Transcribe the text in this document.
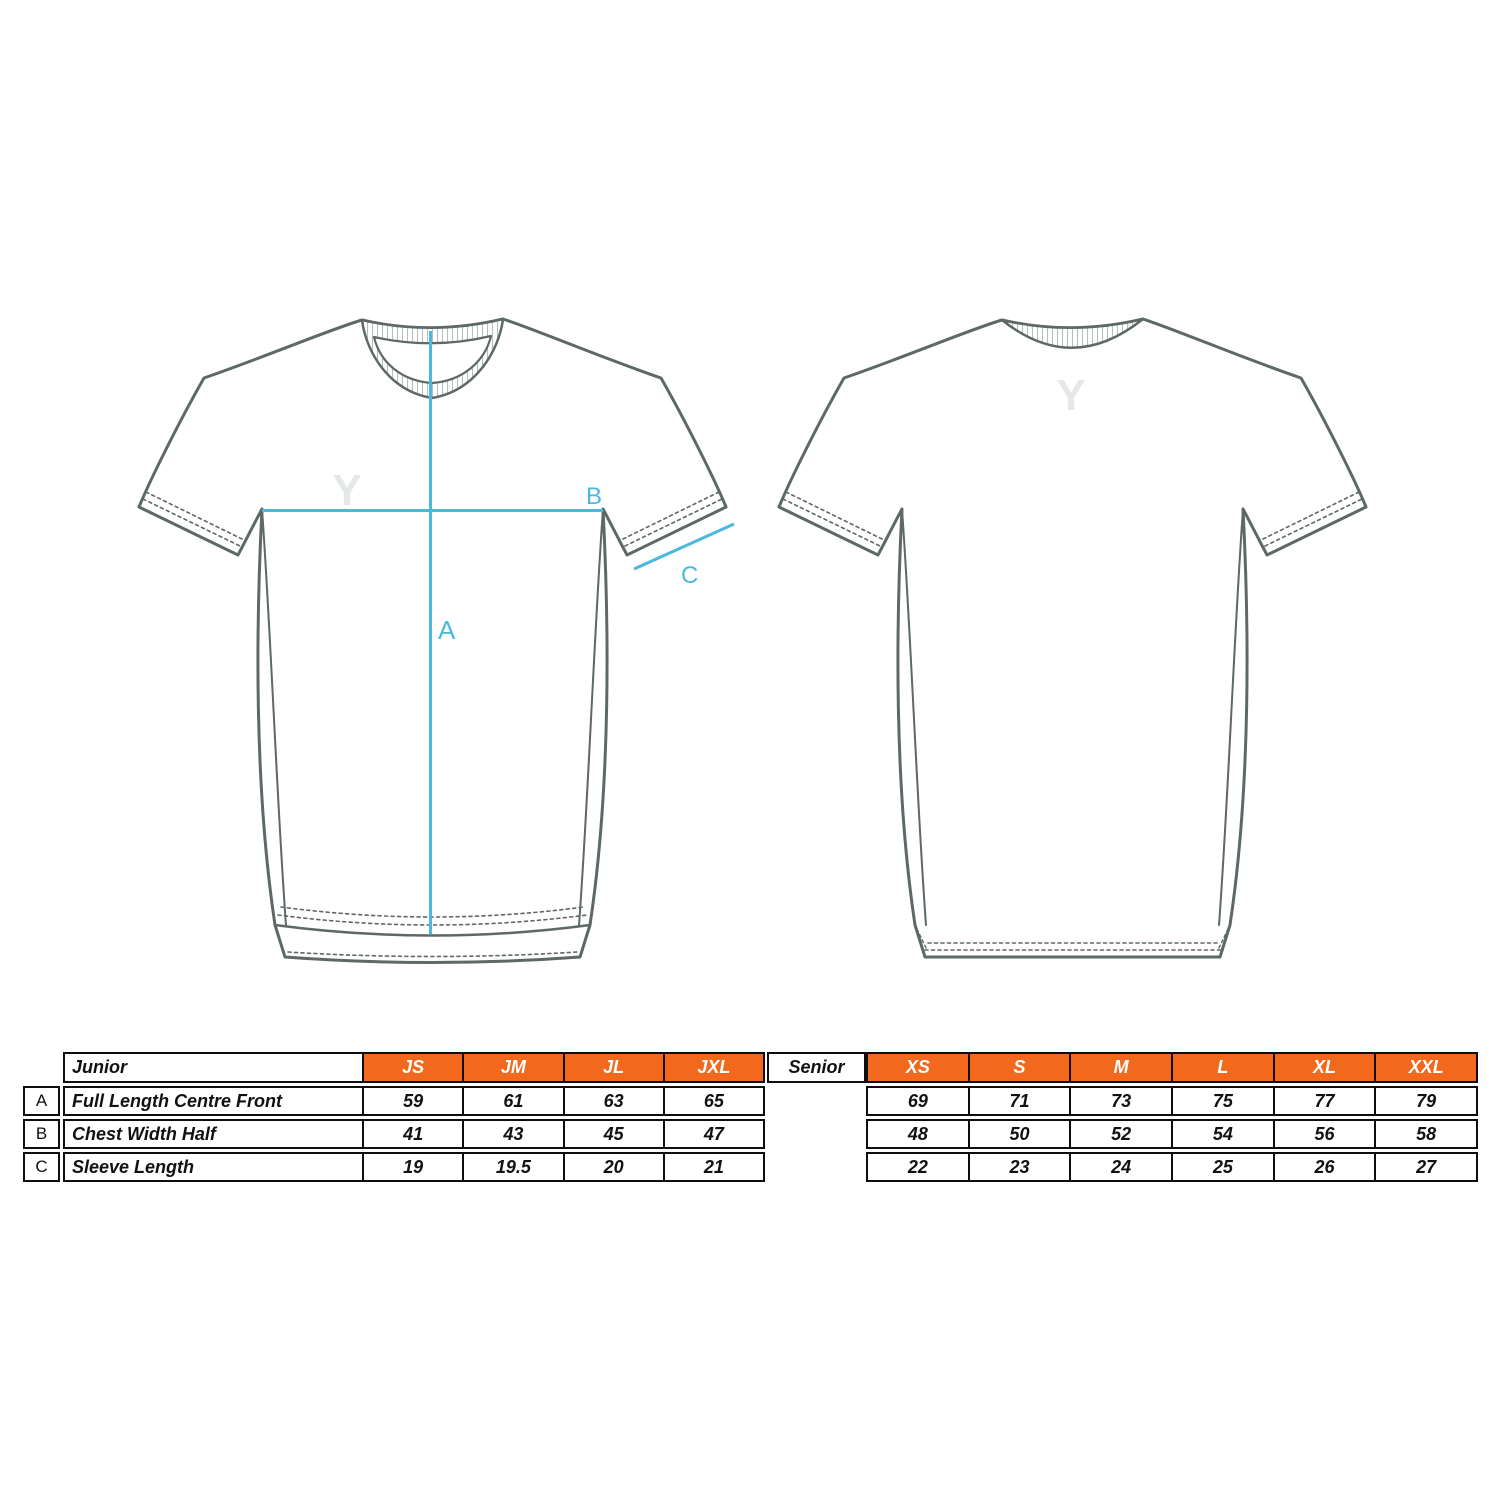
Y
Y
A
B
C
Junior	JS	JM	JL	JXL
A
B
C
Full Length Centre Front	59	61	63	65
Chest Width Half	41	43	45	47
Sleeve Length	19	19.5	20	21
Senior	XS	S	M	L	XL	XXL
69	71	73	75	77	79
48	50	52	54	56	58
22	23	24	25	26	27
